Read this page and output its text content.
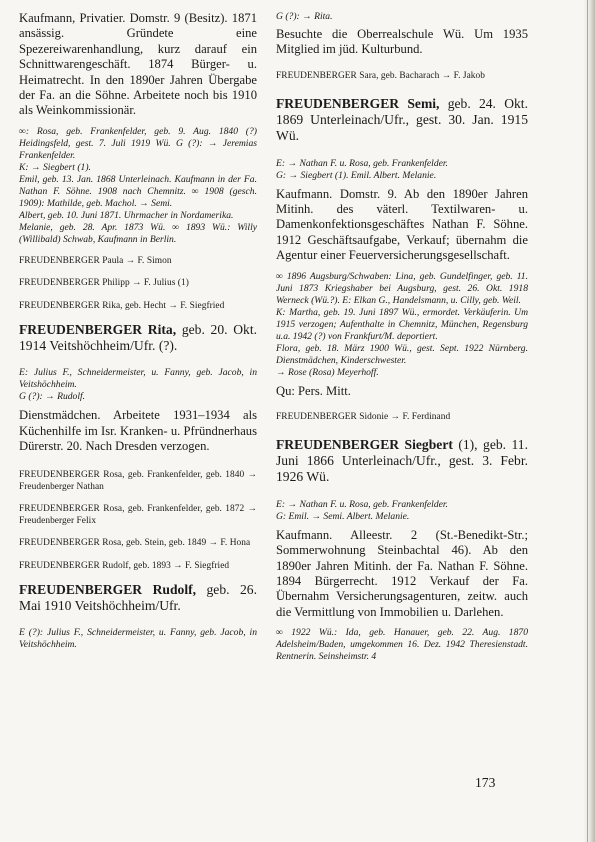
Kaufmann, Privatier. Domstr. 9 (Besitz). 1871 ansässig. Gründete eine Spezereiwarenhandlung, kurz darauf ein Schnittwarengeschäft. 1874 Bürger- u. Heimatrecht. In den 1890er Jahren Übergabe der Fa. an die Söhne. Arbeitete noch bis 1910 als Weinkommissionär.

∞: Rosa, geb. Frankenfelder, geb. 9. Aug. 1840 (?) Heidingsfeld, gest. 7. Juli 1919 Wü. G (?): → Jeremias Frankenfelder.

K: → Siegbert (1).

Emil, geb. 13. Jan. 1868 Unterleinach. Kaufmann in der Fa. Nathan F. Söhne. 1908 nach Chemnitz. ∞ 1908 (gesch. 1909): Mathilde, geb. Machol. → Semi.

Albert, geb. 10. Juni 1871. Uhrmacher in Nordamerika.

Melanie, geb. 28. Apr. 1873 Wü. ∞ 1893 Wü.: Willy (Willibald) Schwab, Kaufmann in Berlin.

FREUDENBERGER Paula → F. Simon

FREUDENBERGER Philipp → F. Julius (1)

FREUDENBERGER Rika, geb. Hecht → F. Siegfried

FREUDENBERGER Rita, geb. 20. Okt. 1914 Veitshöchheim/Ufr. (?).

E: Julius F., Schneidermeister, u. Fanny, geb. Jacob, in Veitshöchheim.

G (?): → Rudolf.

Dienstmädchen. Arbeitete 1931–1934 als Küchenhilfe im Isr. Kranken- u. Pfründnerhaus Dürerstr. 20. Nach Dresden verzogen.

FREUDENBERGER Rosa, geb. Frankenfelder, geb. 1840 → Freudenberger Nathan

FREUDENBERGER Rosa, geb. Frankenfelder, geb. 1872 → Freudenberger Felix

FREUDENBERGER Rosa, geb. Stein, geb. 1849 → F. Hona

FREUDENBERGER Rudolf, geb. 1893 → F. Siegfried

FREUDENBERGER Rudolf, geb. 26. Mai 1910 Veitshöchheim/Ufr.

E (?): Julius F., Schneidermeister, u. Fanny, geb. Jacob, in Veitshöchheim.

G (?): → Rita.

Besuchte die Oberrealschule Wü. Um 1935 Mitglied im jüd. Kulturbund.

FREUDENBERGER Sara, geb. Bacharach → F. Jakob

FREUDENBERGER Semi, geb. 24. Okt. 1869 Unterleinach/Ufr., gest. 30. Jan. 1915 Wü.

E: → Nathan F. u. Rosa, geb. Frankenfelder.

G: → Siegbert (1). Emil. Albert. Melanie.

Kaufmann. Domstr. 9. Ab den 1890er Jahren Mitinh. des väterl. Textilwaren- u. Damenkonfektionsgeschäftes Nathan F. Söhne. 1912 Geschäftsaufgabe, Verkauf; übernahm die Agentur einer Feuerversicherungsgesellschaft.

∞ 1896 Augsburg/Schwaben: Lina, geb. Gundelfinger, geb. 11. Juni 1873 Kriegshaber bei Augsburg, gest. 26. Okt. 1918 Werneck (Wü.?). E: Elkan G., Handelsmann, u. Cilly, geb. Weil.

K: Martha, geb. 19. Juni 1897 Wü., ermordet. Verkäuferin. Um 1915 verzogen; Aufenthalte in Chemnitz, München, Regensburg u.a. 1942 (?) von Frankfurt/M. deportiert.

Flora, geb. 18. März 1900 Wü., gest. Sept. 1922 Nürnberg. Dienstmädchen, Kinderschwester.

→ Rose (Rosa) Meyerhoff.

Qu: Pers. Mitt.

FREUDENBERGER Sidonie → F. Ferdinand

FREUDENBERGER Siegbert (1), geb. 11. Juni 1866 Unterleinach/Ufr., gest. 3. Febr. 1926 Wü.

E: → Nathan F. u. Rosa, geb. Frankenfelder.

G: Emil. → Semi. Albert. Melanie.

Kaufmann. Alleestr. 2 (St.-Benedikt-Str.; Sommerwohnung Steinbachtal 46). Ab den 1890er Jahren Mitinh. der Fa. Nathan F. Söhne. 1894 Bürgerrecht. 1912 Verkauf der Fa. Übernahm Versicherungsagenturen, zeitw. auch die Vermittlung von Immobilien u. Darlehen.

∞ 1922 Wü.: Ida, geb. Hanauer, geb. 22. Aug. 1870 Adelsheim/Baden, umgekommen 16. Dez. 1942 Theresienstadt. Rentnerin. Seinsheimstr. 4

173
